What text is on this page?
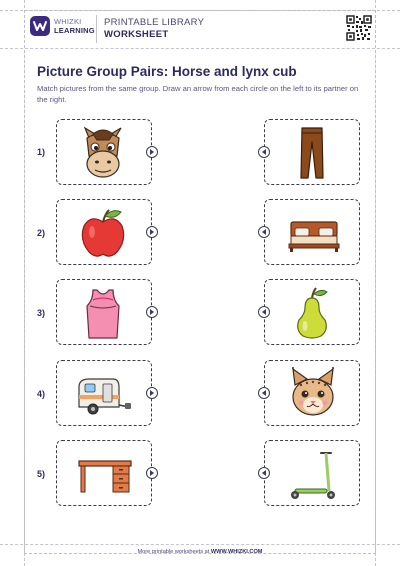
WHIZKI
LEARNING
PRINTABLE LIBRARY
WORKSHEET
Picture Group Pairs: Horse and lynx cub
Match pictures from the same group. Draw an arrow from each circle on the left to its partner on the right.
1)
2)
3)
4)
5)
More printable worksheets at WWW.WHIZKI.COM
